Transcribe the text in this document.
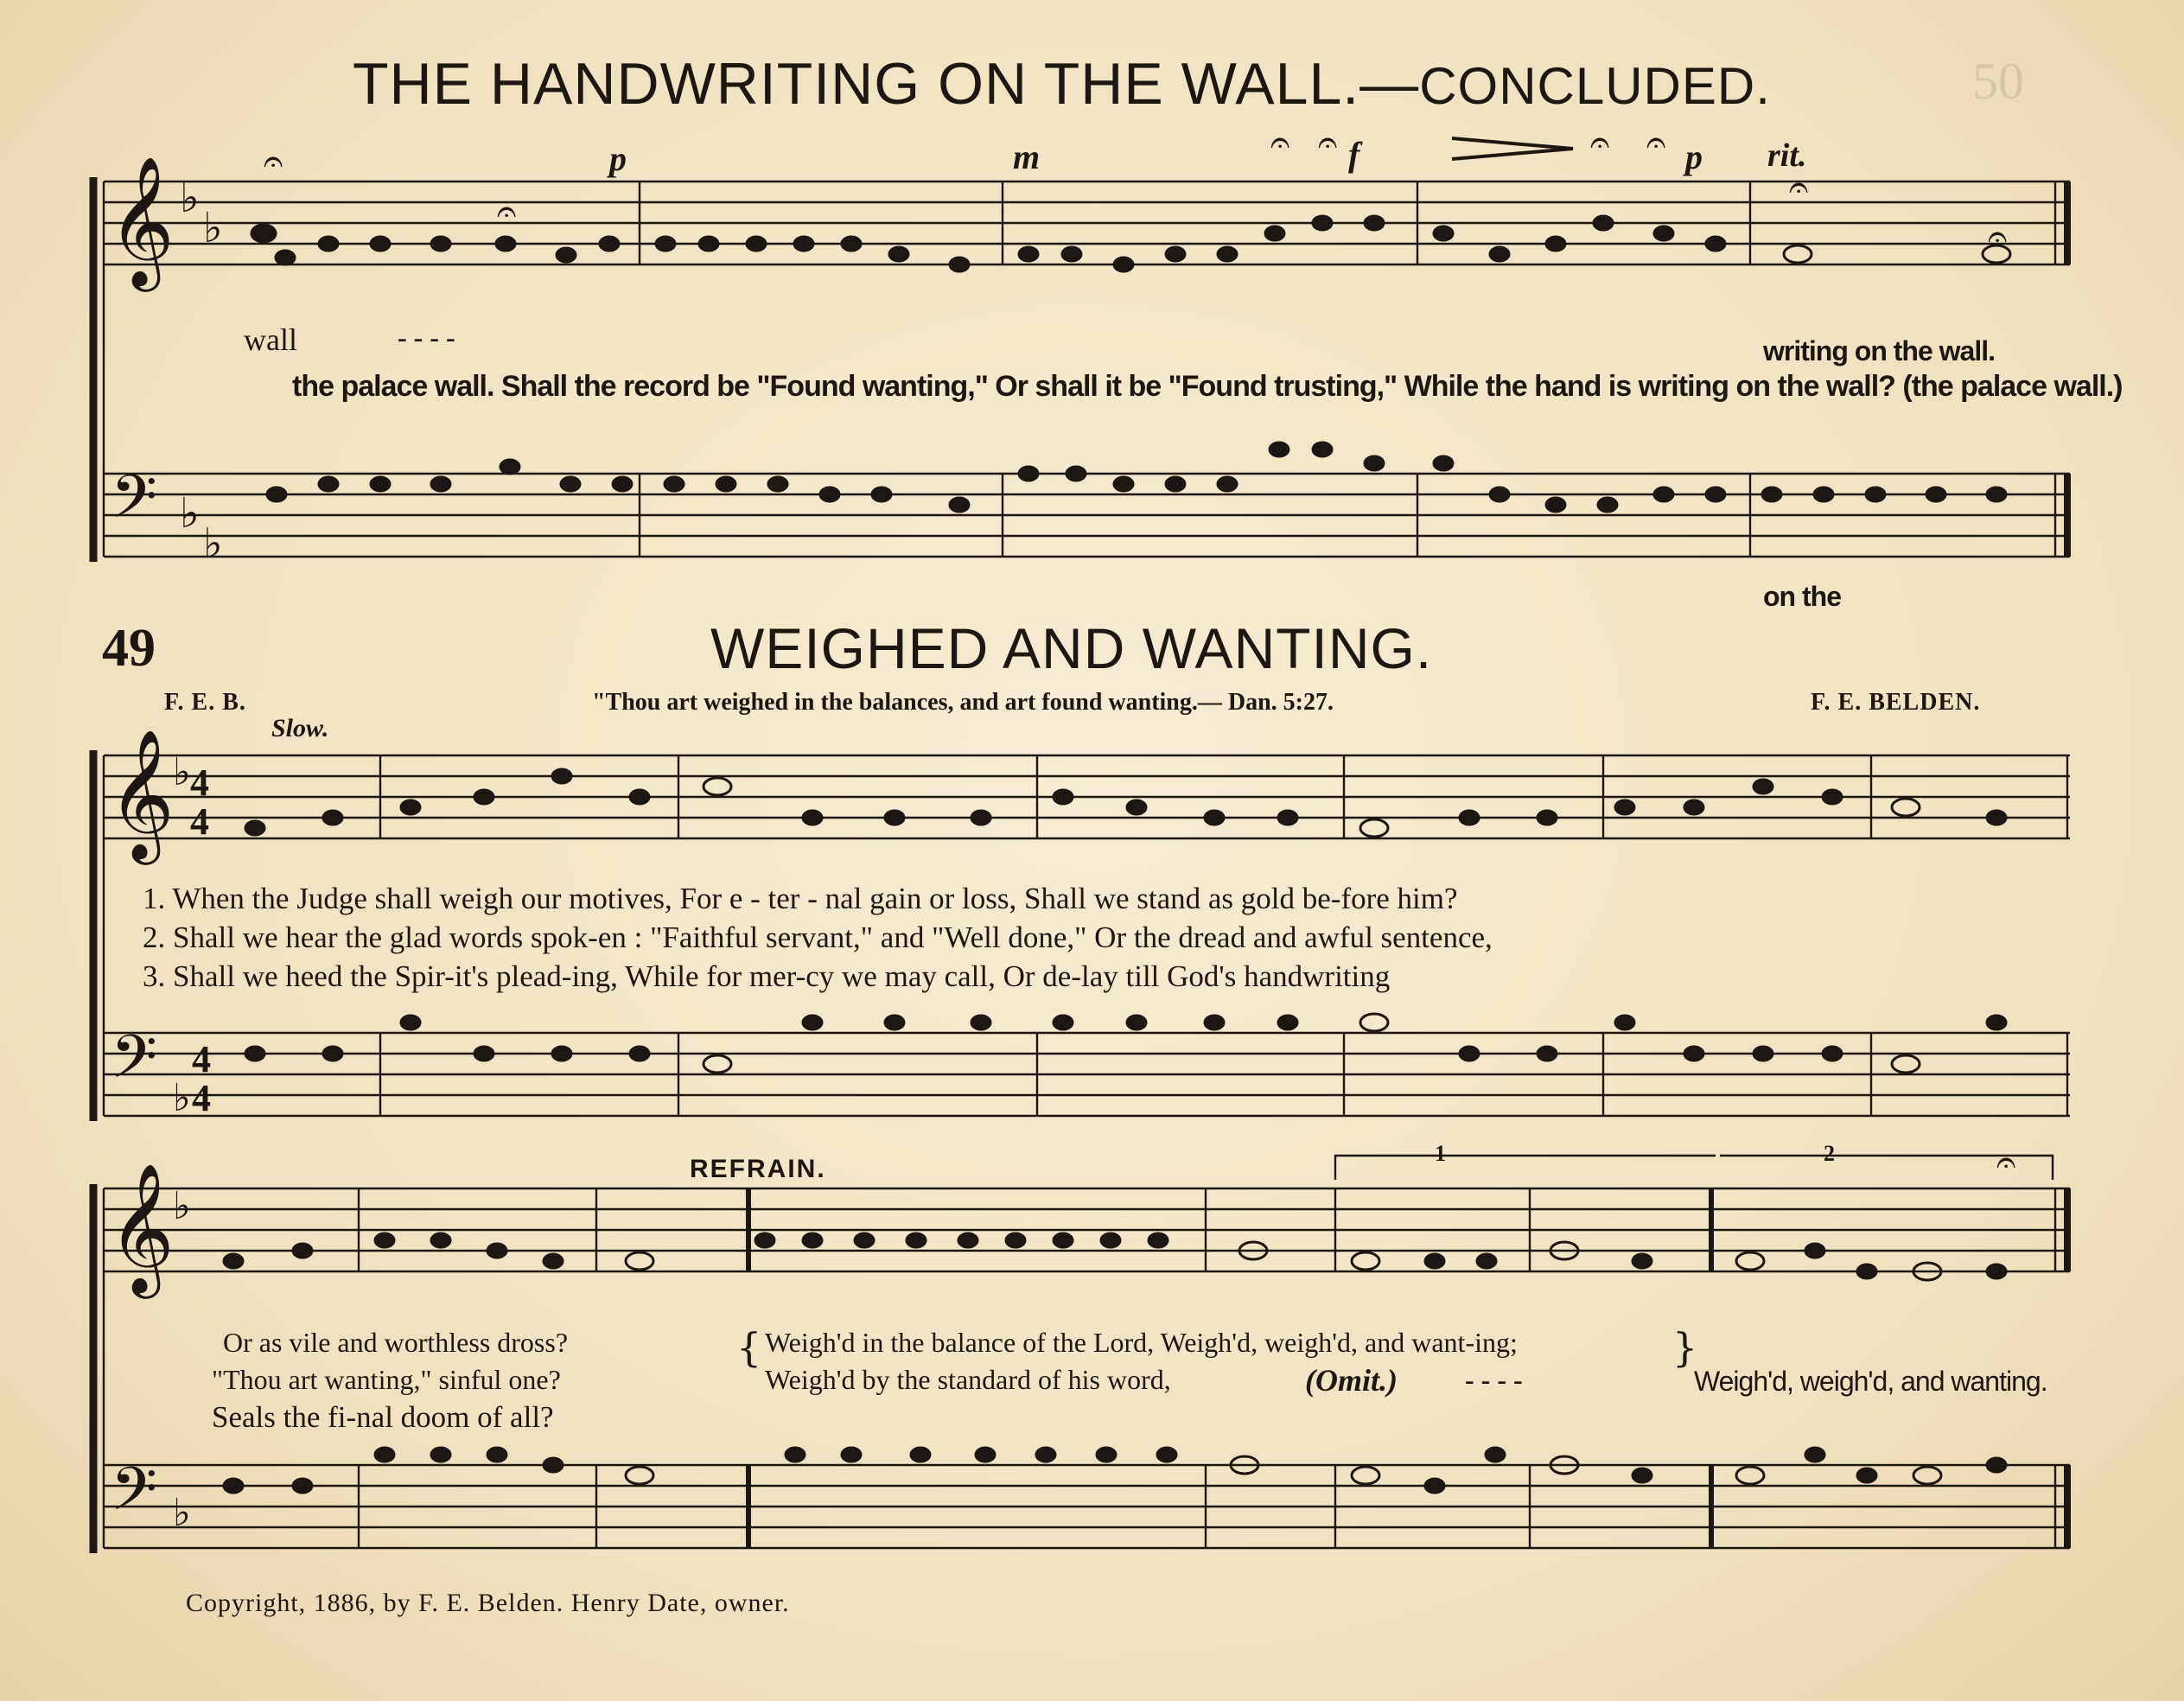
50
THE HANDWRITING ON THE WALL.—CONCLUDED.
𝄞
𝄢
𝄞
𝄢
𝄞
𝄢
♭
♭
♭
♭
♭
♭
♭
♭
4
4
4
4
𝄐
𝄐
𝄐 𝄐	𝄐 𝄐
𝄐
𝄐
𝄐
p	m	f	p rit.
wall	- - - -	writing on the wall.
the palace wall. Shall the record be "Found wanting," Or shall it be "Found trusting," While the hand is writing on the wall? (the palace wall.)
on the
49	WEIGHED AND WANTING.
F. E. B.	"Thou art weighed in the balances, and art found wanting.— Dan. 5:27.	F. E. BELDEN.
Slow.
1. When the Judge shall weigh our motives, For e - ter - nal gain or loss, Shall we stand as gold be-fore him?
2. Shall we hear the glad words spok-en : "Faithful servant," and "Well done," Or the dread and awful sentence,
3. Shall we heed the Spir-it's plead-ing, While for mer-cy we may call, Or de-lay till God's handwriting
REFRAIN.
1	2
Or as vile and worthless dross?
"Thou art wanting," sinful one?
Seals the fi-nal doom of all?
{ Weigh'd in the balance of the Lord, Weigh'd, weigh'd, and want-ing;
Weigh'd by the standard of his word,	(Omit.) - - - -
}
Weigh'd, weigh'd, and wanting.
Copyright, 1886, by F. E. Belden. Henry Date, owner.
